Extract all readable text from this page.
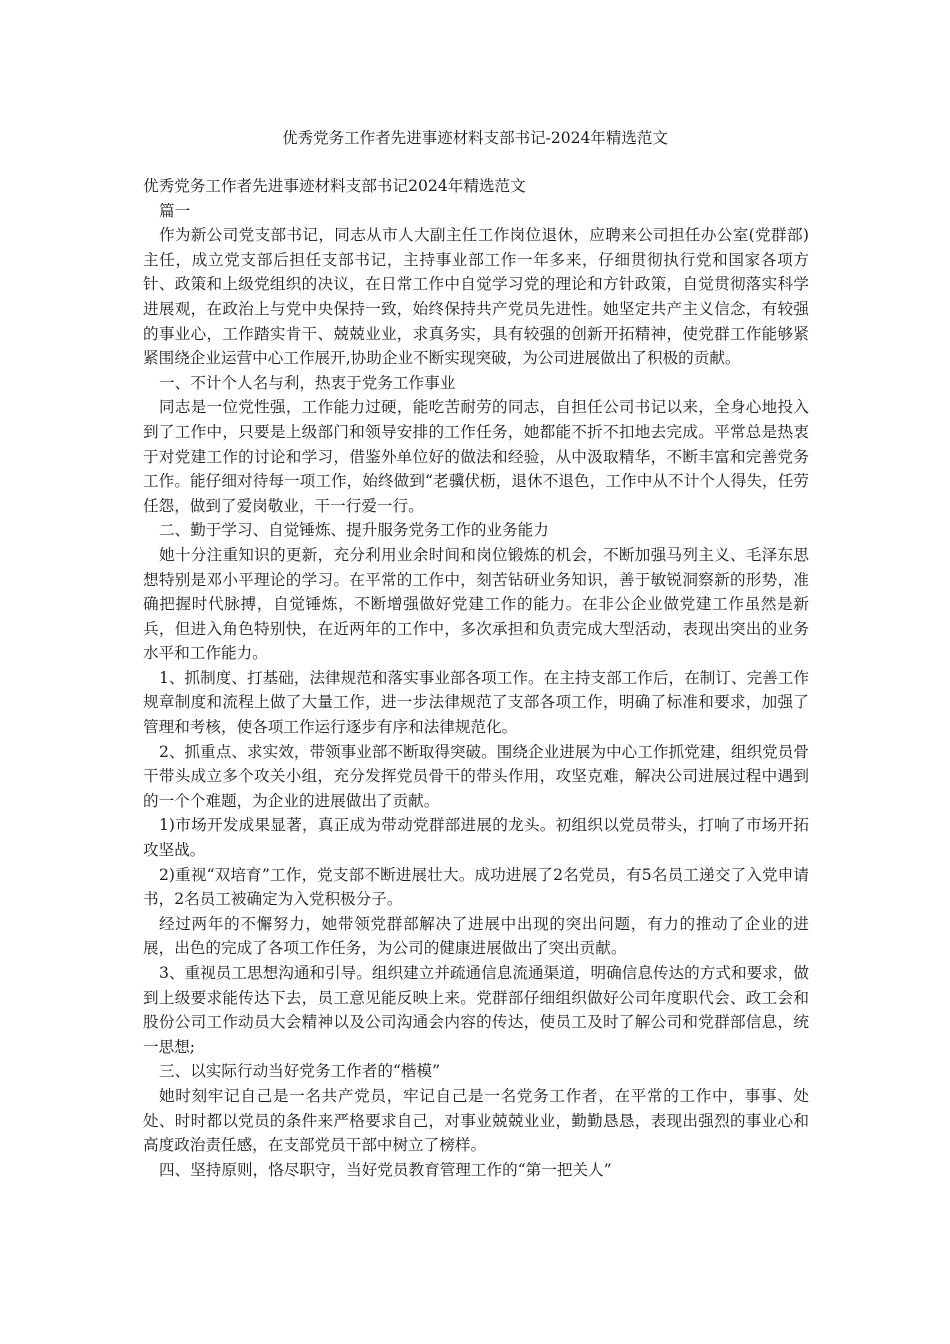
优秀党务工作者先进事迹材料支部书记-2024年精选范文

优秀党务工作者先进事迹材料支部书记2024年精选范文

篇一

作为新公司党支部书记，同志从市人大副主任工作岗位退休，应聘来公司担任办公室(党群部)主任，成立党支部后担任支部书记，主持事业部工作一年多来，仔细贯彻执行党和国家各项方针、政策和上级党组织的决议，在日常工作中自觉学习党的理论和方针政策，自觉贯彻落实科学进展观，在政治上与党中央保持一致，始终保持共产党员先进性。她坚定共产主义信念，有较强的事业心，工作踏实肯干、兢兢业业，求真务实，具有较强的创新开拓精神，使党群工作能够紧紧围绕企业运营中心工作展开,协助企业不断实现突破，为公司进展做出了积极的贡献。

一、不计个人名与利，热衷于党务工作事业

同志是一位党性强，工作能力过硬，能吃苦耐劳的同志，自担任公司书记以来，全身心地投入到了工作中，只要是上级部门和领导安排的工作任务，她都能不折不扣地去完成。平常总是热衷于对党建工作的讨论和学习，借鉴外单位好的做法和经验，从中汲取精华，不断丰富和完善党务工作。能仔细对待每一项工作，始终做到“老骥伏枥，退休不退色，工作中从不计个人得失，任劳任怨，做到了爱岗敬业，干一行爱一行。

二、勤于学习、自觉锤炼、提升服务党务工作的业务能力

她十分注重知识的更新，充分利用业余时间和岗位锻炼的机会，不断加强马列主义、毛泽东思想特别是邓小平理论的学习。在平常的工作中，刻苦钻研业务知识，善于敏锐洞察新的形势，准确把握时代脉搏，自觉锤炼，不断增强做好党建工作的能力。在非公企业做党建工作虽然是新兵，但进入角色特别快，在近两年的工作中，多次承担和负责完成大型活动，表现出突出的业务水平和工作能力。

1、抓制度、打基础，法律规范和落实事业部各项工作。在主持支部工作后，在制订、完善工作规章制度和流程上做了大量工作，进一步法律规范了支部各项工作，明确了标准和要求，加强了管理和考核，使各项工作运行逐步有序和法律规范化。

2、抓重点、求实效，带领事业部不断取得突破。围绕企业进展为中心工作抓党建，组织党员骨干带头成立多个攻关小组，充分发挥党员骨干的带头作用，攻坚克难，解决公司进展过程中遇到的一个个难题，为企业的进展做出了贡献。

1)市场开发成果显著，真正成为带动党群部进展的龙头。初组织以党员带头，打响了市场开拓攻坚战。

2)重视“双培育”工作，党支部不断进展壮大。成功进展了2名党员，有5名员工递交了入党申请书，2名员工被确定为入党积极分子。

经过两年的不懈努力，她带领党群部解决了进展中出现的突出问题，有力的推动了企业的进展，出色的完成了各项工作任务，为公司的健康进展做出了突出贡献。

3、重视员工思想沟通和引导。组织建立并疏通信息流通渠道，明确信息传达的方式和要求，做到上级要求能传达下去，员工意见能反映上来。党群部仔细组织做好公司年度职代会、政工会和股份公司工作动员大会精神以及公司沟通会内容的传达，使员工及时了解公司和党群部信息，统一思想;

三、以实际行动当好党务工作者的“楷模”

她时刻牢记自己是一名共产党员，牢记自己是一名党务工作者，在平常的工作中，事事、处处、时时都以党员的条件来严格要求自己，对事业兢兢业业，勤勤恳恳，表现出强烈的事业心和高度政治责任感，在支部党员干部中树立了榜样。

四、坚持原则，恪尽职守，当好党员教育管理工作的“第一把关人”
